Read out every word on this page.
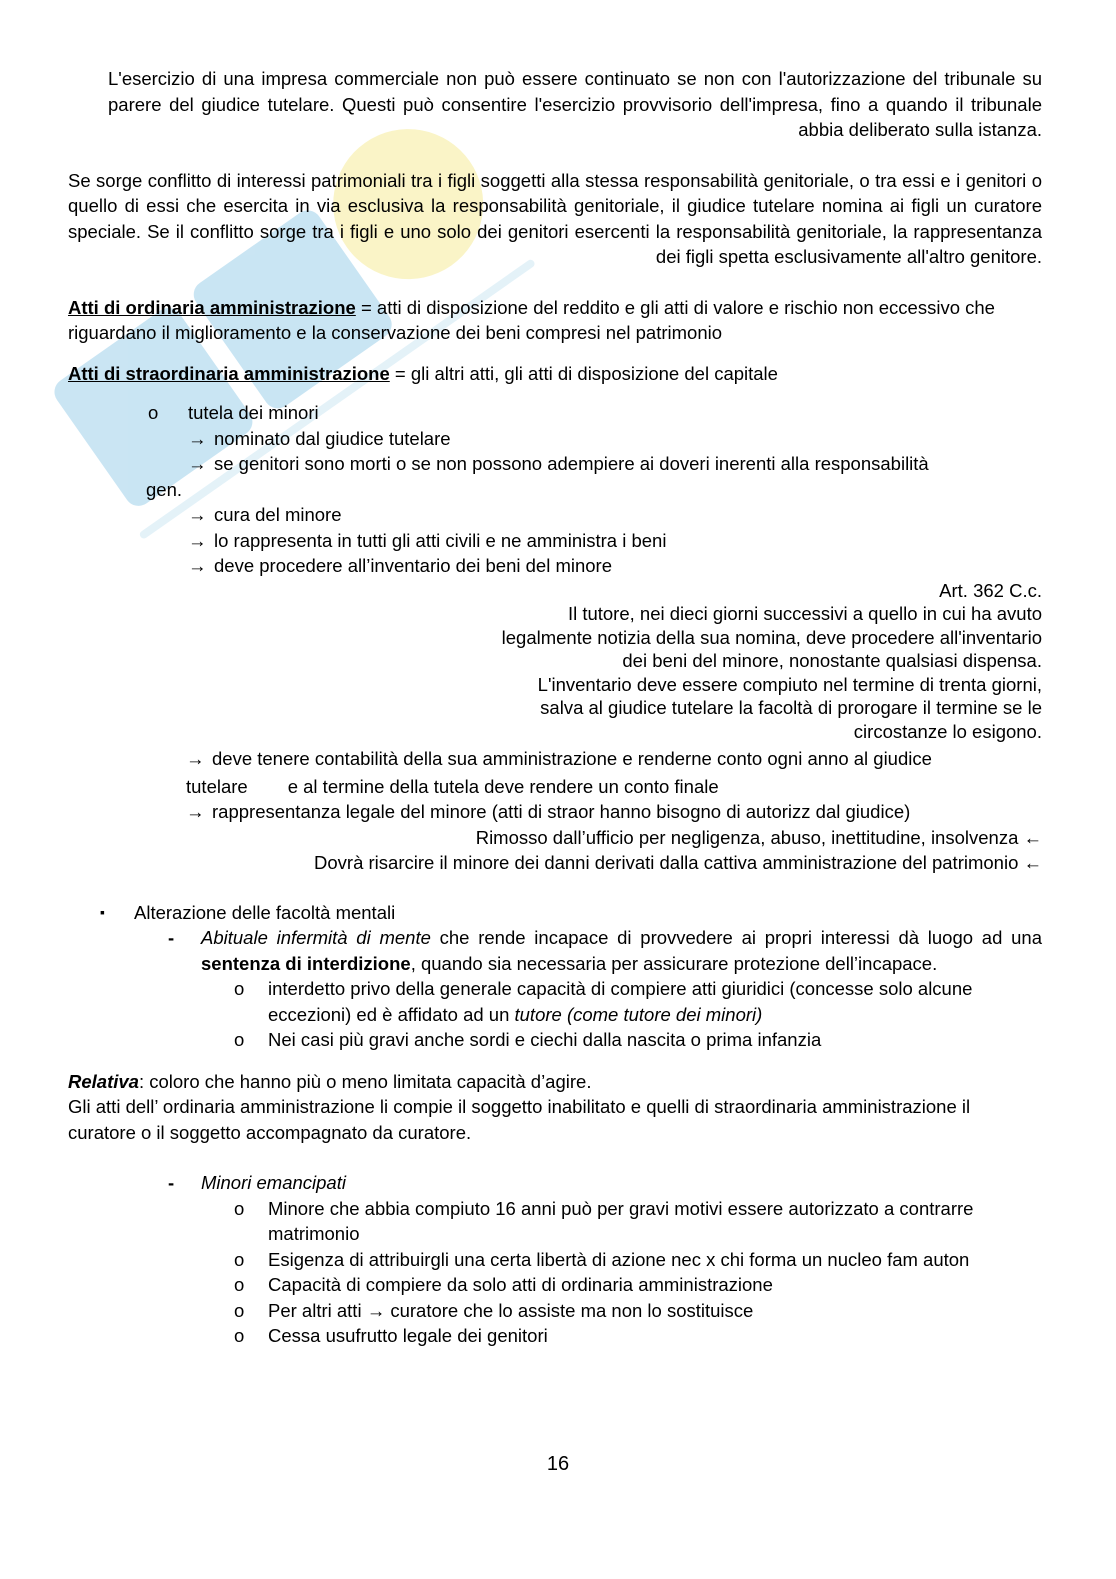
L'esercizio di una impresa commerciale non può essere continuato se non con l'autorizzazione del tribunale su parere del giudice tutelare. Questi può consentire l'esercizio provvisorio dell'impresa, fino a quando il tribunale abbia deliberato sulla istanza.

Se sorge conflitto di interessi patrimoniali tra i figli soggetti alla stessa responsabilità genitoriale, o tra essi e i genitori o quello di essi che esercita in via esclusiva la responsabilità genitoriale, il giudice tutelare nomina ai figli un curatore speciale. Se il conflitto sorge tra i figli e uno solo dei genitori esercenti la responsabilità genitoriale, la rappresentanza dei figli spetta esclusivamente all'altro genitore.

Atti di ordinaria amministrazione = atti di disposizione del reddito e gli atti di valore e rischio non eccessivo che riguardano il miglioramento e la conservazione dei beni compresi nel patrimonio

Atti di straordinaria amministrazione = gli altri atti, gli atti di disposizione del capitale

o tutela dei minori
→ nominato dal giudice tutelare
→ se genitori sono morti o se non possono adempiere ai doveri inerenti alla responsabilità
gen.
→ cura del minore
→ lo rappresenta in tutti gli atti civili e ne amministra i beni
→ deve procedere all’inventario dei beni del minore
Art. 362 C.c.
Il tutore, nei dieci giorni successivi a quello in cui ha avuto
legalmente notizia della sua nomina, deve procedere all'inventario
dei beni del minore, nonostante qualsiasi dispensa.
L'inventario deve essere compiuto nel termine di trenta giorni,
salva al giudice tutelare la facoltà di prorogare il termine se le
circostanze lo esigono.
→ deve tenere contabilità della sua amministrazione e renderne conto ogni anno al giudice
tutelare e al termine della tutela deve rendere un conto finale
→ rappresentanza legale del minore (atti di straor hanno bisogno di autorizz dal giudice)
Rimosso dall’ufficio per negligenza, abuso, inettitudine, insolvenza ←
Dovrà risarcire il minore dei danni derivati dalla cattiva amministrazione del patrimonio ←
▪ Alterazione delle facoltà mentali
- Abituale infermità di mente che rende incapace di provvedere ai propri interessi dà luogo ad una sentenza di interdizione, quando sia necessaria per assicurare protezione dell’incapace.

o interdetto privo della generale capacità di compiere atti giuridici (concesse solo alcune eccezioni) ed è affidato ad un tutore (come tutore dei minori)

o Nei casi più gravi anche sordi e ciechi dalla nascita o prima infanzia

Relativa: coloro che hanno più o meno limitata capacità d’agire.

Gli atti dell’ ordinaria amministrazione li compie il soggetto inabilitato e quelli di straordinaria amministrazione il curatore o il soggetto accompagnato da curatore.

- Minori emancipati
o Minore che abbia compiuto 16 anni può per gravi motivi essere autorizzato a contrarre matrimonio

o Esigenza di attribuirgli una certa libertà di azione nec x chi forma un nucleo fam auton

o Capacità di compiere da solo atti di ordinaria amministrazione
o Per altri atti → curatore che lo assiste ma non lo sostituisce
o Cessa usufrutto legale dei genitori
16
